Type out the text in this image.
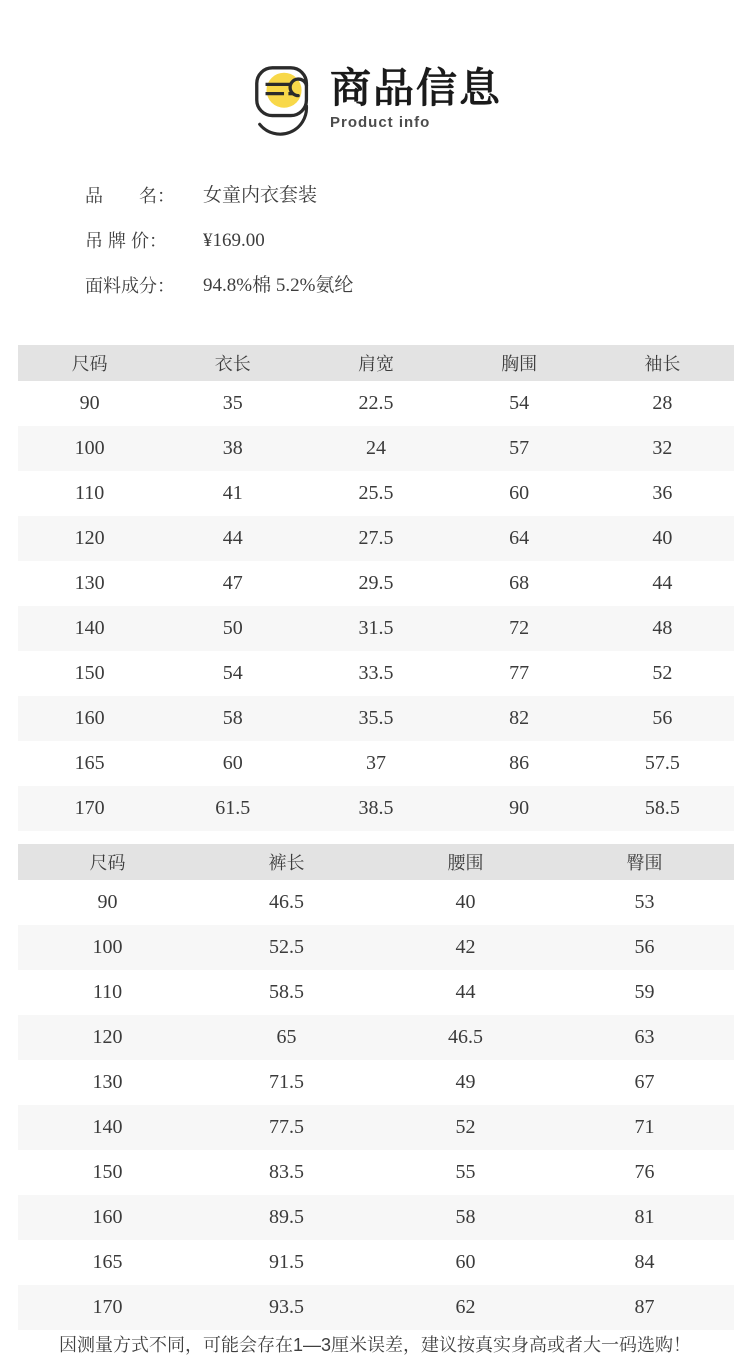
商品信息
Product info
品　　名：	女童内衣套装
吊 牌 价：	¥169.00
面料成分：	94.8%棉 5.2%氨纶
尺码	衣长	肩宽	胸围	袖长
90	35	22.5	54	28
100	38	24	57	32
110	41	25.5	60	36
120	44	27.5	64	40
130	47	29.5	68	44
140	50	31.5	72	48
150	54	33.5	77	52
160	58	35.5	82	56
165	60	37	86	57.5
170	61.5	38.5	90	58.5
尺码	裤长	腰围	臀围
90	46.5	40	53
100	52.5	42	56
110	58.5	44	59
120	65	46.5	63
130	71.5	49	67
140	77.5	52	71
150	83.5	55	76
160	89.5	58	81
165	91.5	60	84
170	93.5	62	87
因测量方式不同，可能会存在1—3厘米误差，建议按真实身高或者大一码选购！
